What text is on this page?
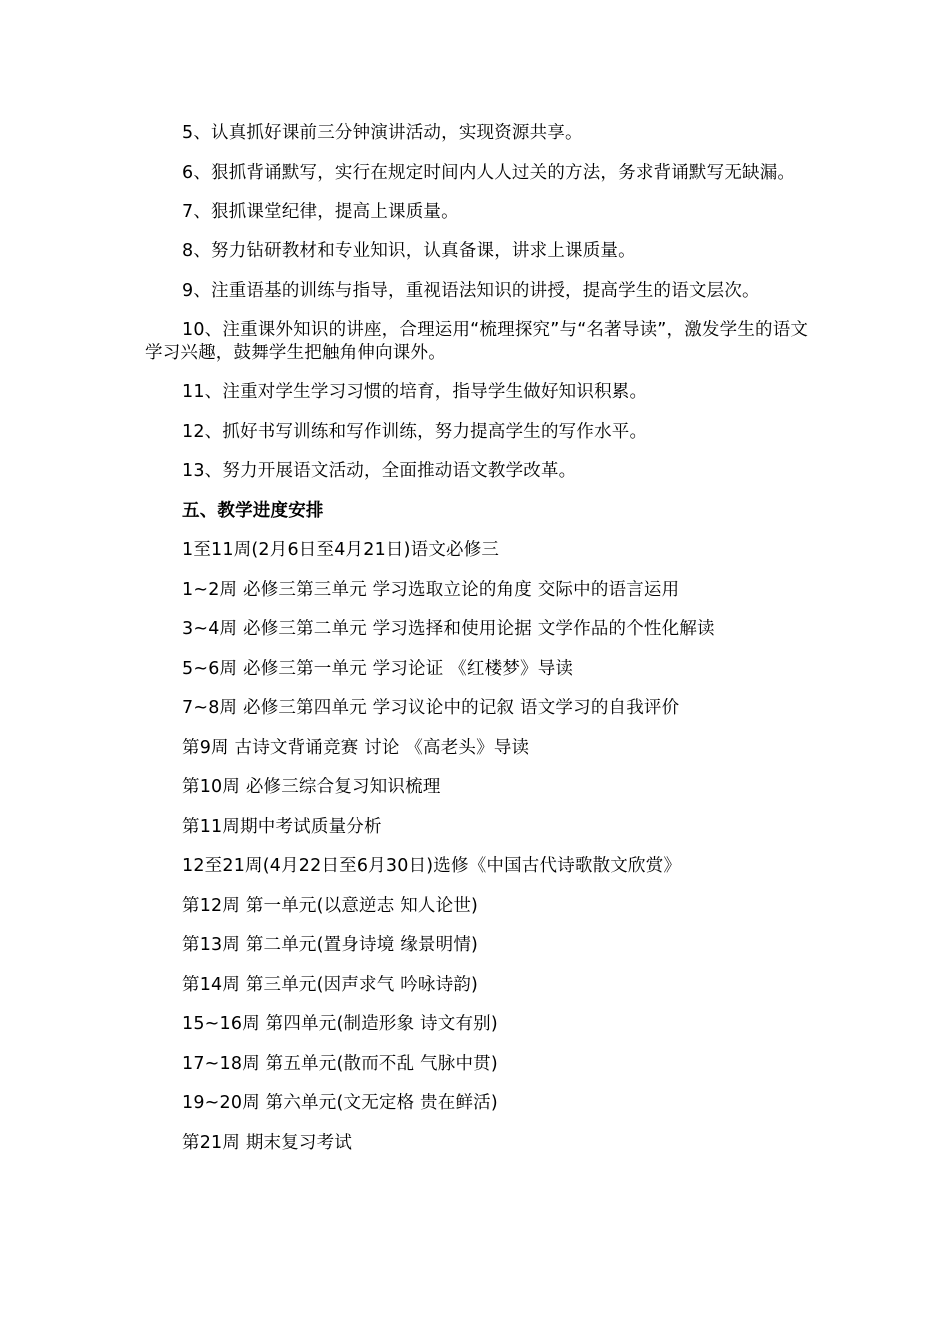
5、认真抓好课前三分钟演讲活动，实现资源共享。

6、狠抓背诵默写，实行在规定时间内人人过关的方法，务求背诵默写无缺漏。

7、狠抓课堂纪律，提高上课质量。

8、努力钻研教材和专业知识，认真备课，讲求上课质量。

9、注重语基的训练与指导，重视语法知识的讲授，提高学生的语文层次。

10、注重课外知识的讲座，合理运用“梳理探究”与“名著导读”，激发学生的语文学习兴趣，鼓舞学生把触角伸向课外。

11、注重对学生学习习惯的培育，指导学生做好知识积累。

12、抓好书写训练和写作训练，努力提高学生的写作水平。

13、努力开展语文活动，全面推动语文教学改革。

五、教学进度安排

1至11周(2月6日至4月21日)语文必修三

1~2周 必修三第三单元 学习选取立论的角度 交际中的语言运用

3~4周 必修三第二单元 学习选择和使用论据 文学作品的个性化解读

5~6周 必修三第一单元 学习论证 《红楼梦》导读

7~8周 必修三第四单元 学习议论中的记叙 语文学习的自我评价

第9周 古诗文背诵竞赛 讨论 《高老头》导读

第10周 必修三综合复习知识梳理

第11周期中考试质量分析

12至21周(4月22日至6月30日)选修《中国古代诗歌散文欣赏》

第12周 第一单元(以意逆志 知人论世)

第13周 第二单元(置身诗境 缘景明情)

第14周 第三单元(因声求气 吟咏诗韵)

15~16周 第四单元(制造形象 诗文有别)

17~18周 第五单元(散而不乱 气脉中贯)

19~20周 第六单元(文无定格 贵在鲜活)

第21周 期末复习考试
